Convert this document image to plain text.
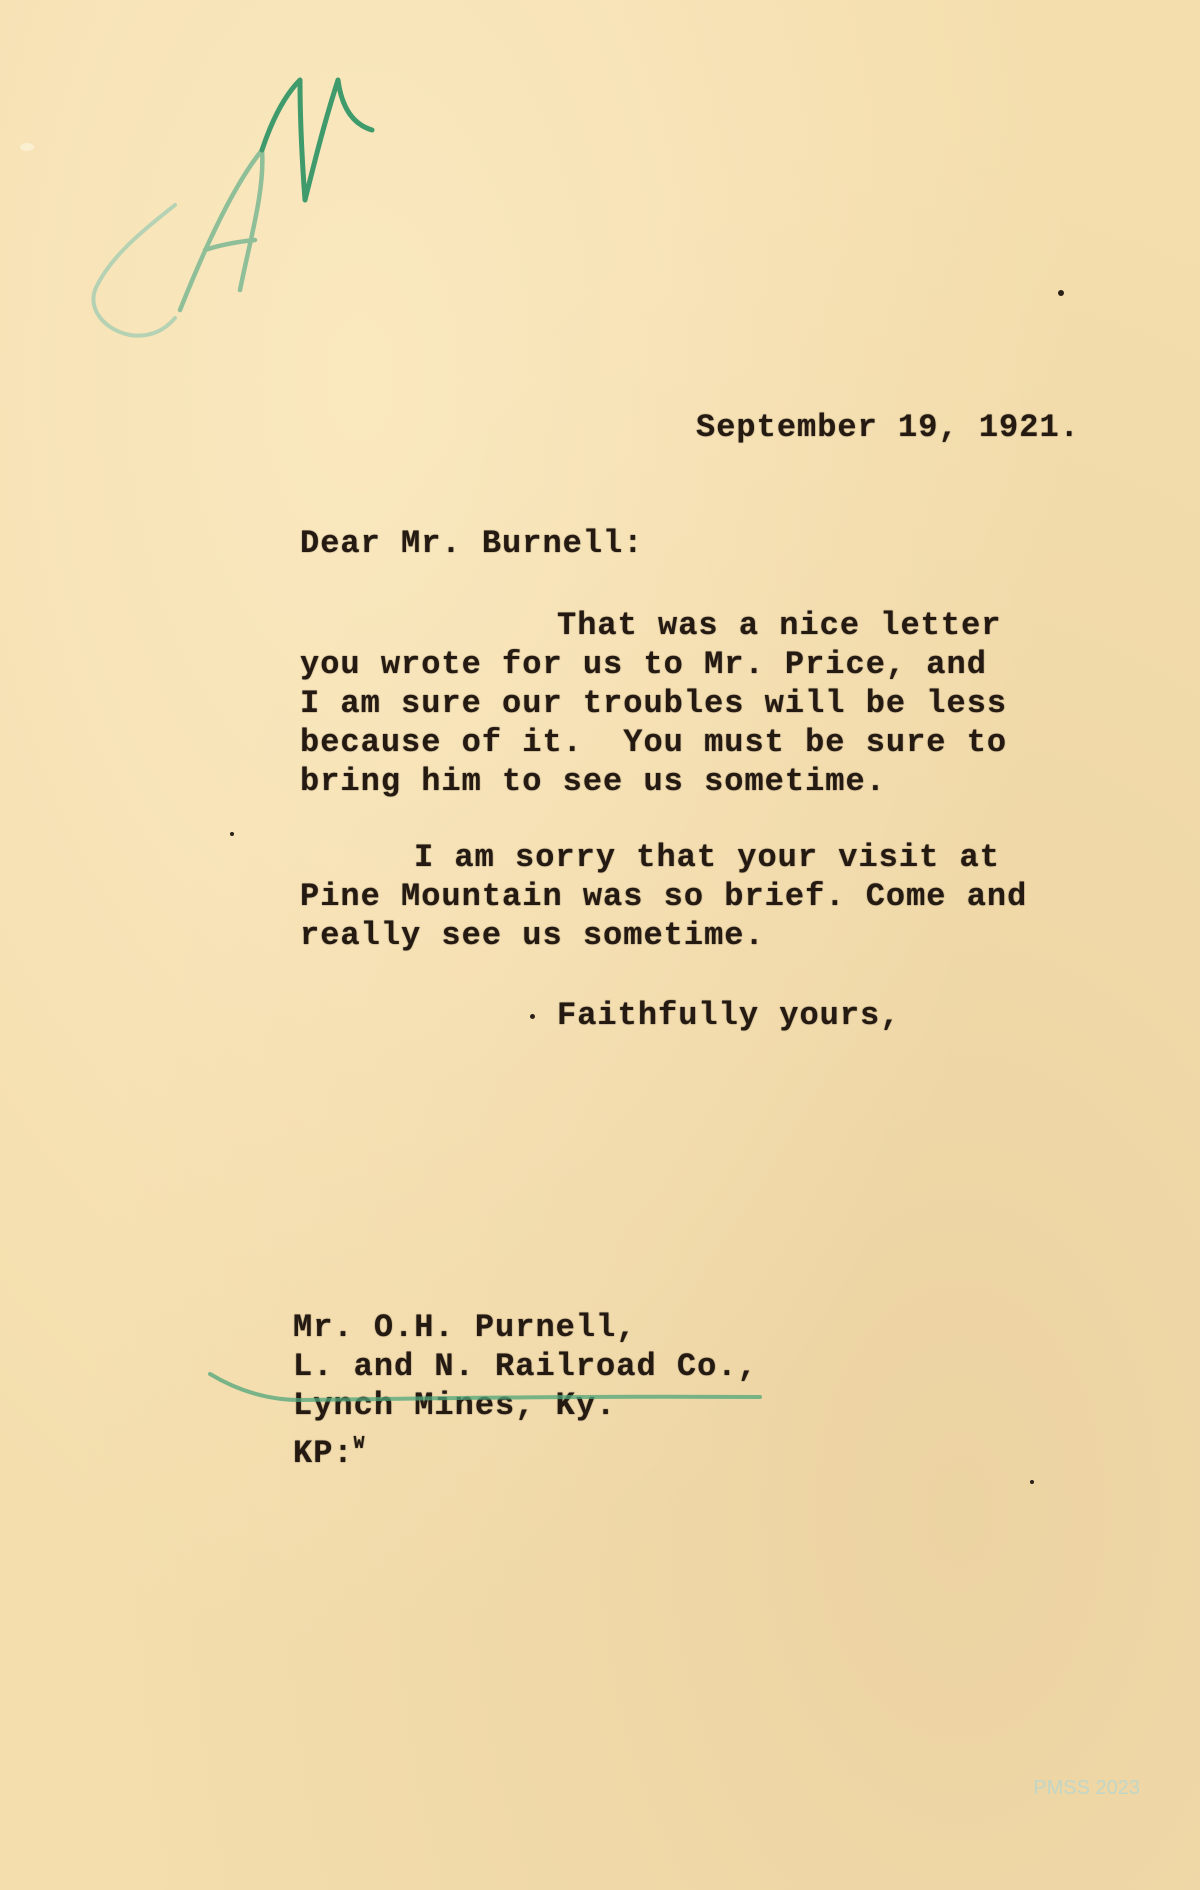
September 19, 1921.
Dear Mr. Burnell:
That was a nice letter
you wrote for us to Mr. Price, and
I am sure our troubles will be less
because of it.  You must be sure to
bring him to see us sometime.
I am sorry that your visit at
Pine Mountain was so brief. Come and
really see us sometime.
Faithfully yours,
Mr. O.H. Purnell,
L. and N. Railroad Co.,
Lynch Mines, Ky.
KP:$^W$
PMSS 2023
